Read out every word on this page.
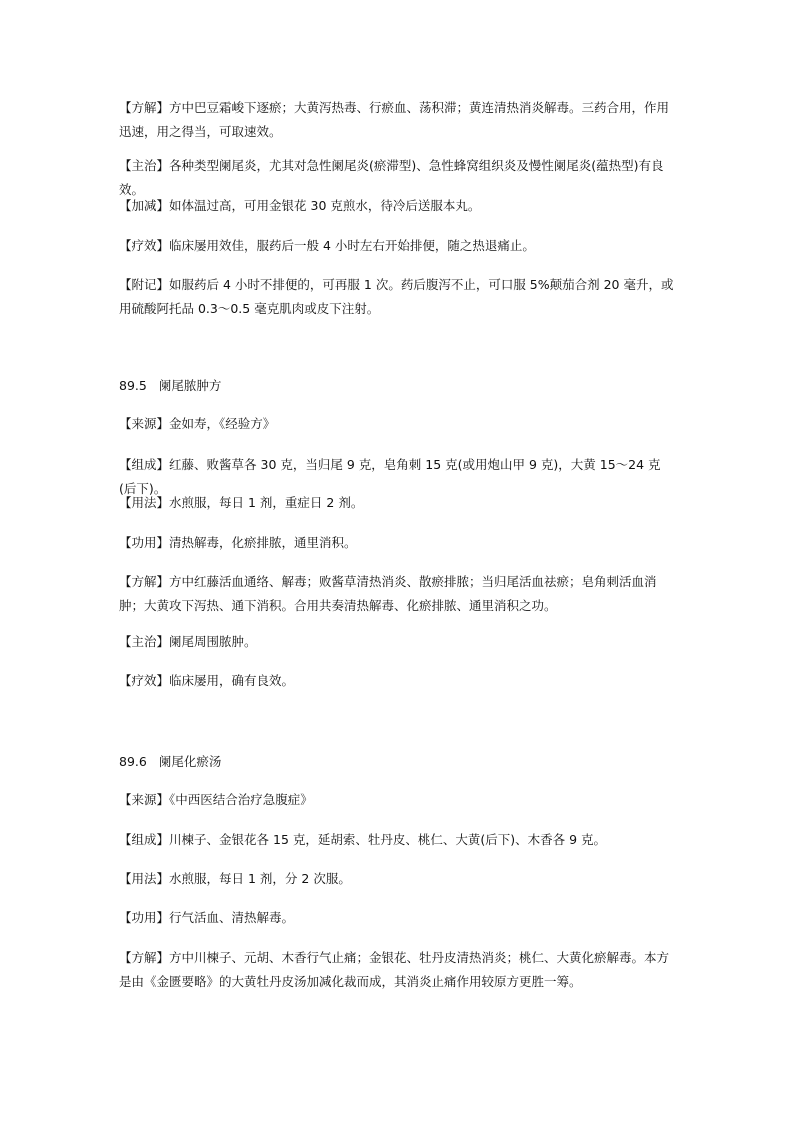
【方解】方中巴豆霜峻下逐瘀；大黄泻热毒、行瘀血、荡积滞；黄连清热消炎解毒。三药合用，作用迅速，用之得当，可取速效。

【主治】各种类型阑尾炎，尤其对急性阑尾炎(瘀滞型)、急性蜂窝组织炎及慢性阑尾炎(蕴热型)有良效。

【加减】如体温过高，可用金银花 30 克煎水，待冷后送服本丸。

【疗效】临床屡用效佳，服药后一般 4 小时左右开始排便，随之热退痛止。

【附记】如服药后 4 小时不排便的，可再服 1 次。药后腹泻不止，可口服 5%颠茄合剂 20 毫升，或用硫酸阿托品 0.3～0.5 毫克肌肉或皮下注射。

89.5 阑尾脓肿方

【来源】金如寿，《经验方》

【组成】红藤、败酱草各 30 克，当归尾 9 克，皂角刺 15 克(或用炮山甲 9 克)，大黄 15～24 克(后下)。

【用法】水煎服，每日 1 剂，重症日 2 剂。

【功用】清热解毒，化瘀排脓，通里消积。

【方解】方中红藤活血通络、解毒；败酱草清热消炎、散瘀排脓；当归尾活血祛瘀；皂角刺活血消肿；大黄攻下泻热、通下消积。合用共奏清热解毒、化瘀排脓、通里消积之功。

【主治】阑尾周围脓肿。

【疗效】临床屡用，确有良效。

89.6 阑尾化瘀汤

【来源】《中西医结合治疗急腹症》

【组成】川楝子、金银花各 15 克，延胡索、牡丹皮、桃仁、大黄(后下)、木香各 9 克。

【用法】水煎服，每日 1 剂，分 2 次服。

【功用】行气活血、清热解毒。

【方解】方中川楝子、元胡、木香行气止痛；金银花、牡丹皮清热消炎；桃仁、大黄化瘀解毒。本方是由《金匮要略》的大黄牡丹皮汤加减化裁而成，其消炎止痛作用较原方更胜一筹。
